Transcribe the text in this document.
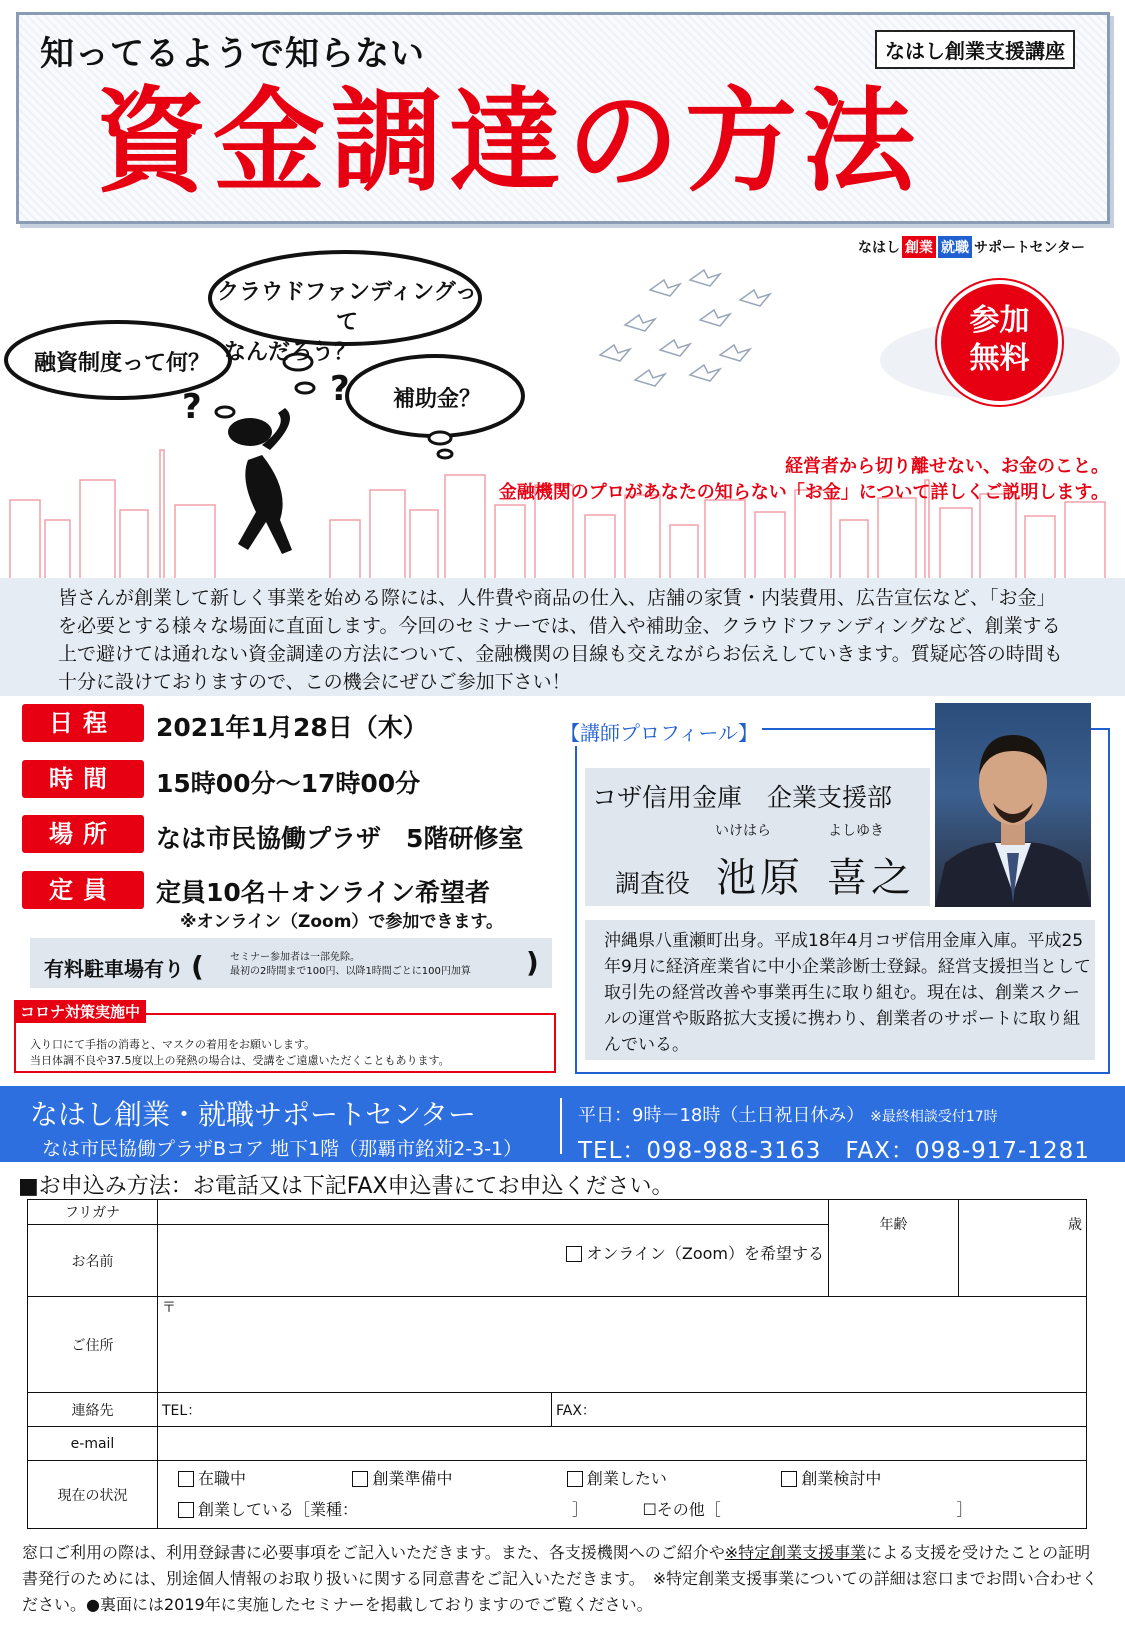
知ってるようで知らない	なはし創業支援講座
資金調達の方法
なはし 創業 就職 サポートセンター
?	?
クラウドファンディングって
なんだろう？
融資制度って何？
補助金？
参加
無料
経営者から切り離せない、お金のこと。
金融機関のプロがあなたの知らない「お金」について詳しくご説明します。
皆さんが創業して新しく事業を始める際には、人件費や商品の仕入、店舗の家賃・内装費用、広告宣伝など、「お金」を必要とする様々な場面に直面します。今回のセミナーでは、借入や補助金、クラウドファンディングなど、創業する上で避けては通れない資金調達の方法について、金融機関の目線も交えながらお伝えしていきます。質疑応答の時間も十分に設けておりますので、この機会にぜひご参加下さい！
日程	2021年1月28日（木）
時間	15時00分～17時00分
場所	なは市民協働プラザ　5階研修室
定員	定員10名＋オンライン希望者
※オンライン（Zoom）で参加できます。
有料駐車場有り (	セミナー参加者は一部免除。
最初の2時間まで100円、以降1時間ごとに100円加算 )
コロナ対策実施中
入り口にて手指の消毒と、マスクの着用をお願いします。
当日体調不良や37.5度以上の発熱の場合は、受講をご遠慮いただくこともあります。
【講師プロフィール】
コザ信用金庫　企業支援部
いけはら	よしゆき
調査役 池原 喜之
沖縄県八重瀬町出身。平成18年4月コザ信用金庫入庫。平成25年9月に経済産業省に中小企業診断士登録。経営支援担当として取引先の経営改善や事業再生に取り組む。現在は、創業スクールの運営や販路拡大支援に携わり、創業者のサポートに取り組んでいる。
なはし創業・就職サポートセンター
なは市民協働プラザBコア 地下1階（那覇市銘苅2-3-1）
平日：9時－18時（土日祝日休み） ※最終相談受付17時
TEL：098-988-3163　FAX：098-917-1281
■お申込み方法：お電話又は下記FAX申込書にてお申込ください。
フリガナ			年齢	歳
お名前	オンライン（Zoom）を希望する			
ご住所	〒			
連絡先	TEL：	FAX：		
e-mail				
現在の状況	在職中 創業準備中 創業したい 創業検討中
創業している［業種： ］ ☐その他［ ］			
窓口ご利用の際は、利用登録書に必要事項をご記入いただきます。また、各支援機関へのご紹介や※特定創業支援事業による支援を受けたことの証明書発行のためには、別途個人情報のお取り扱いに関する同意書をご記入いただきます。　※特定創業支援事業についての詳細は窓口までお問い合わせください。●裏面には2019年に実施したセミナーを掲載しておりますのでご覧ください。
